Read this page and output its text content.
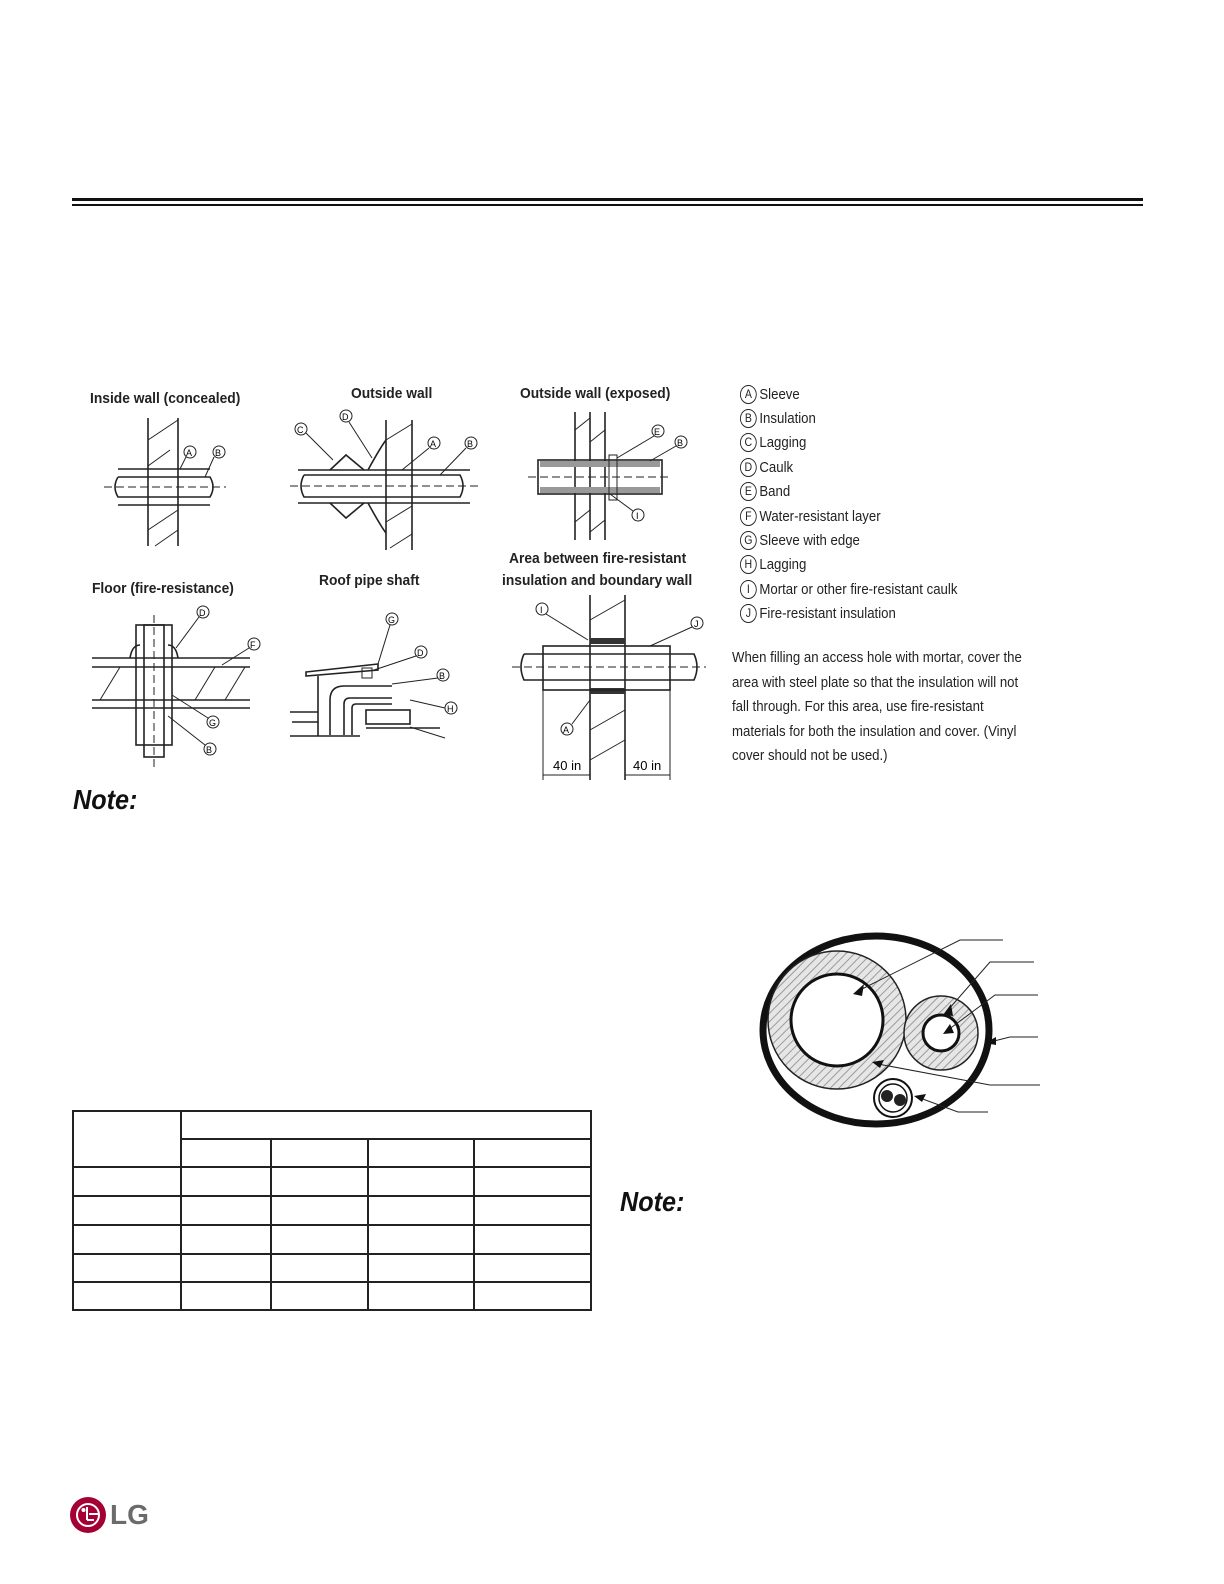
Inside wall (concealed)	Outside wall	Outside wall (exposed)
Floor (fire-resistance)	Roof pipe shaft
Area between fire-resistant
insulation and boundary wall
A	B
C
D
A	B
E
B
I
D
F
G
B
G
D
B
H
I
J
A
40 in	40 in
A Sleeve
B Insulation
C Lagging
D Caulk
E Band
F Water-resistant layer
G Sleeve with edge
H Lagging
I Mortar or other fire-resistant caulk
J Fire-resistant insulation
When filling an access hole with mortar, cover the area with steel plate so that the insulation will not fall through. For this area, use fire-resistant materials for both the insulation and cover. (Vinyl cover should not be used.)
Note:
Note:

LG
